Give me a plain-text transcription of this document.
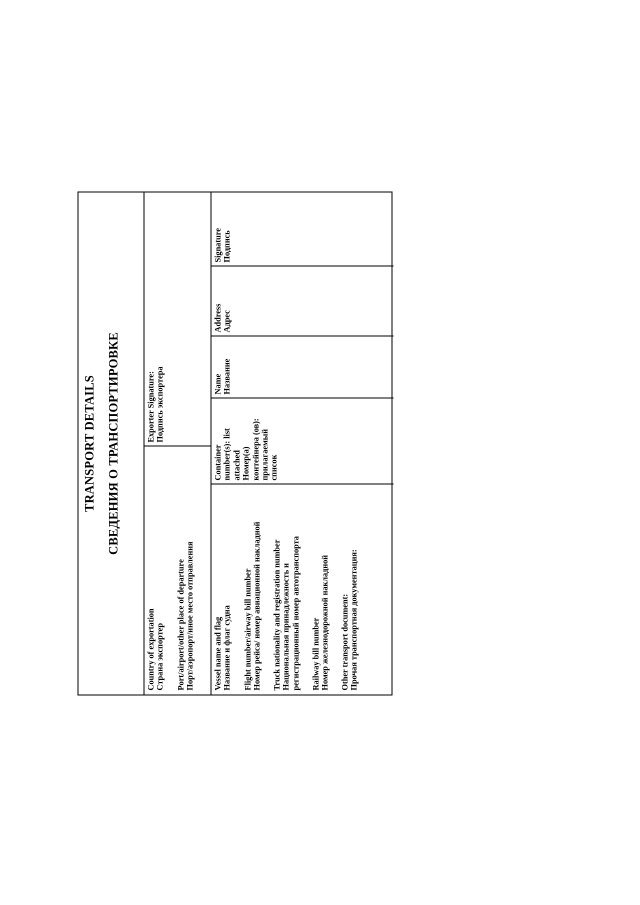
TRANSPORT DETAILS СВЕДЕНИЯ О ТРАНСПОРТИРОВКЕ
Country of exportation Страна экспортер Port/airport/other place of departure Порт/аэропорт/иное место отправления
Exporter Signature: Подпись экспортера
Vessel name and flag Название и флаг судна Flight number/airway bill number Номер рейса/ номер авиационной накладной Truck nationality and registration number Национальная принадлежность и регистрационный номер автотранспорта Railway bill number Номер железнодорожной накладной Other transport document: Прочая транспортная документация:
Container number(s): list attached Номер(а) контейнера (ов): прилагаемый список
Name Название
Address Адрес
Signature Подпись
